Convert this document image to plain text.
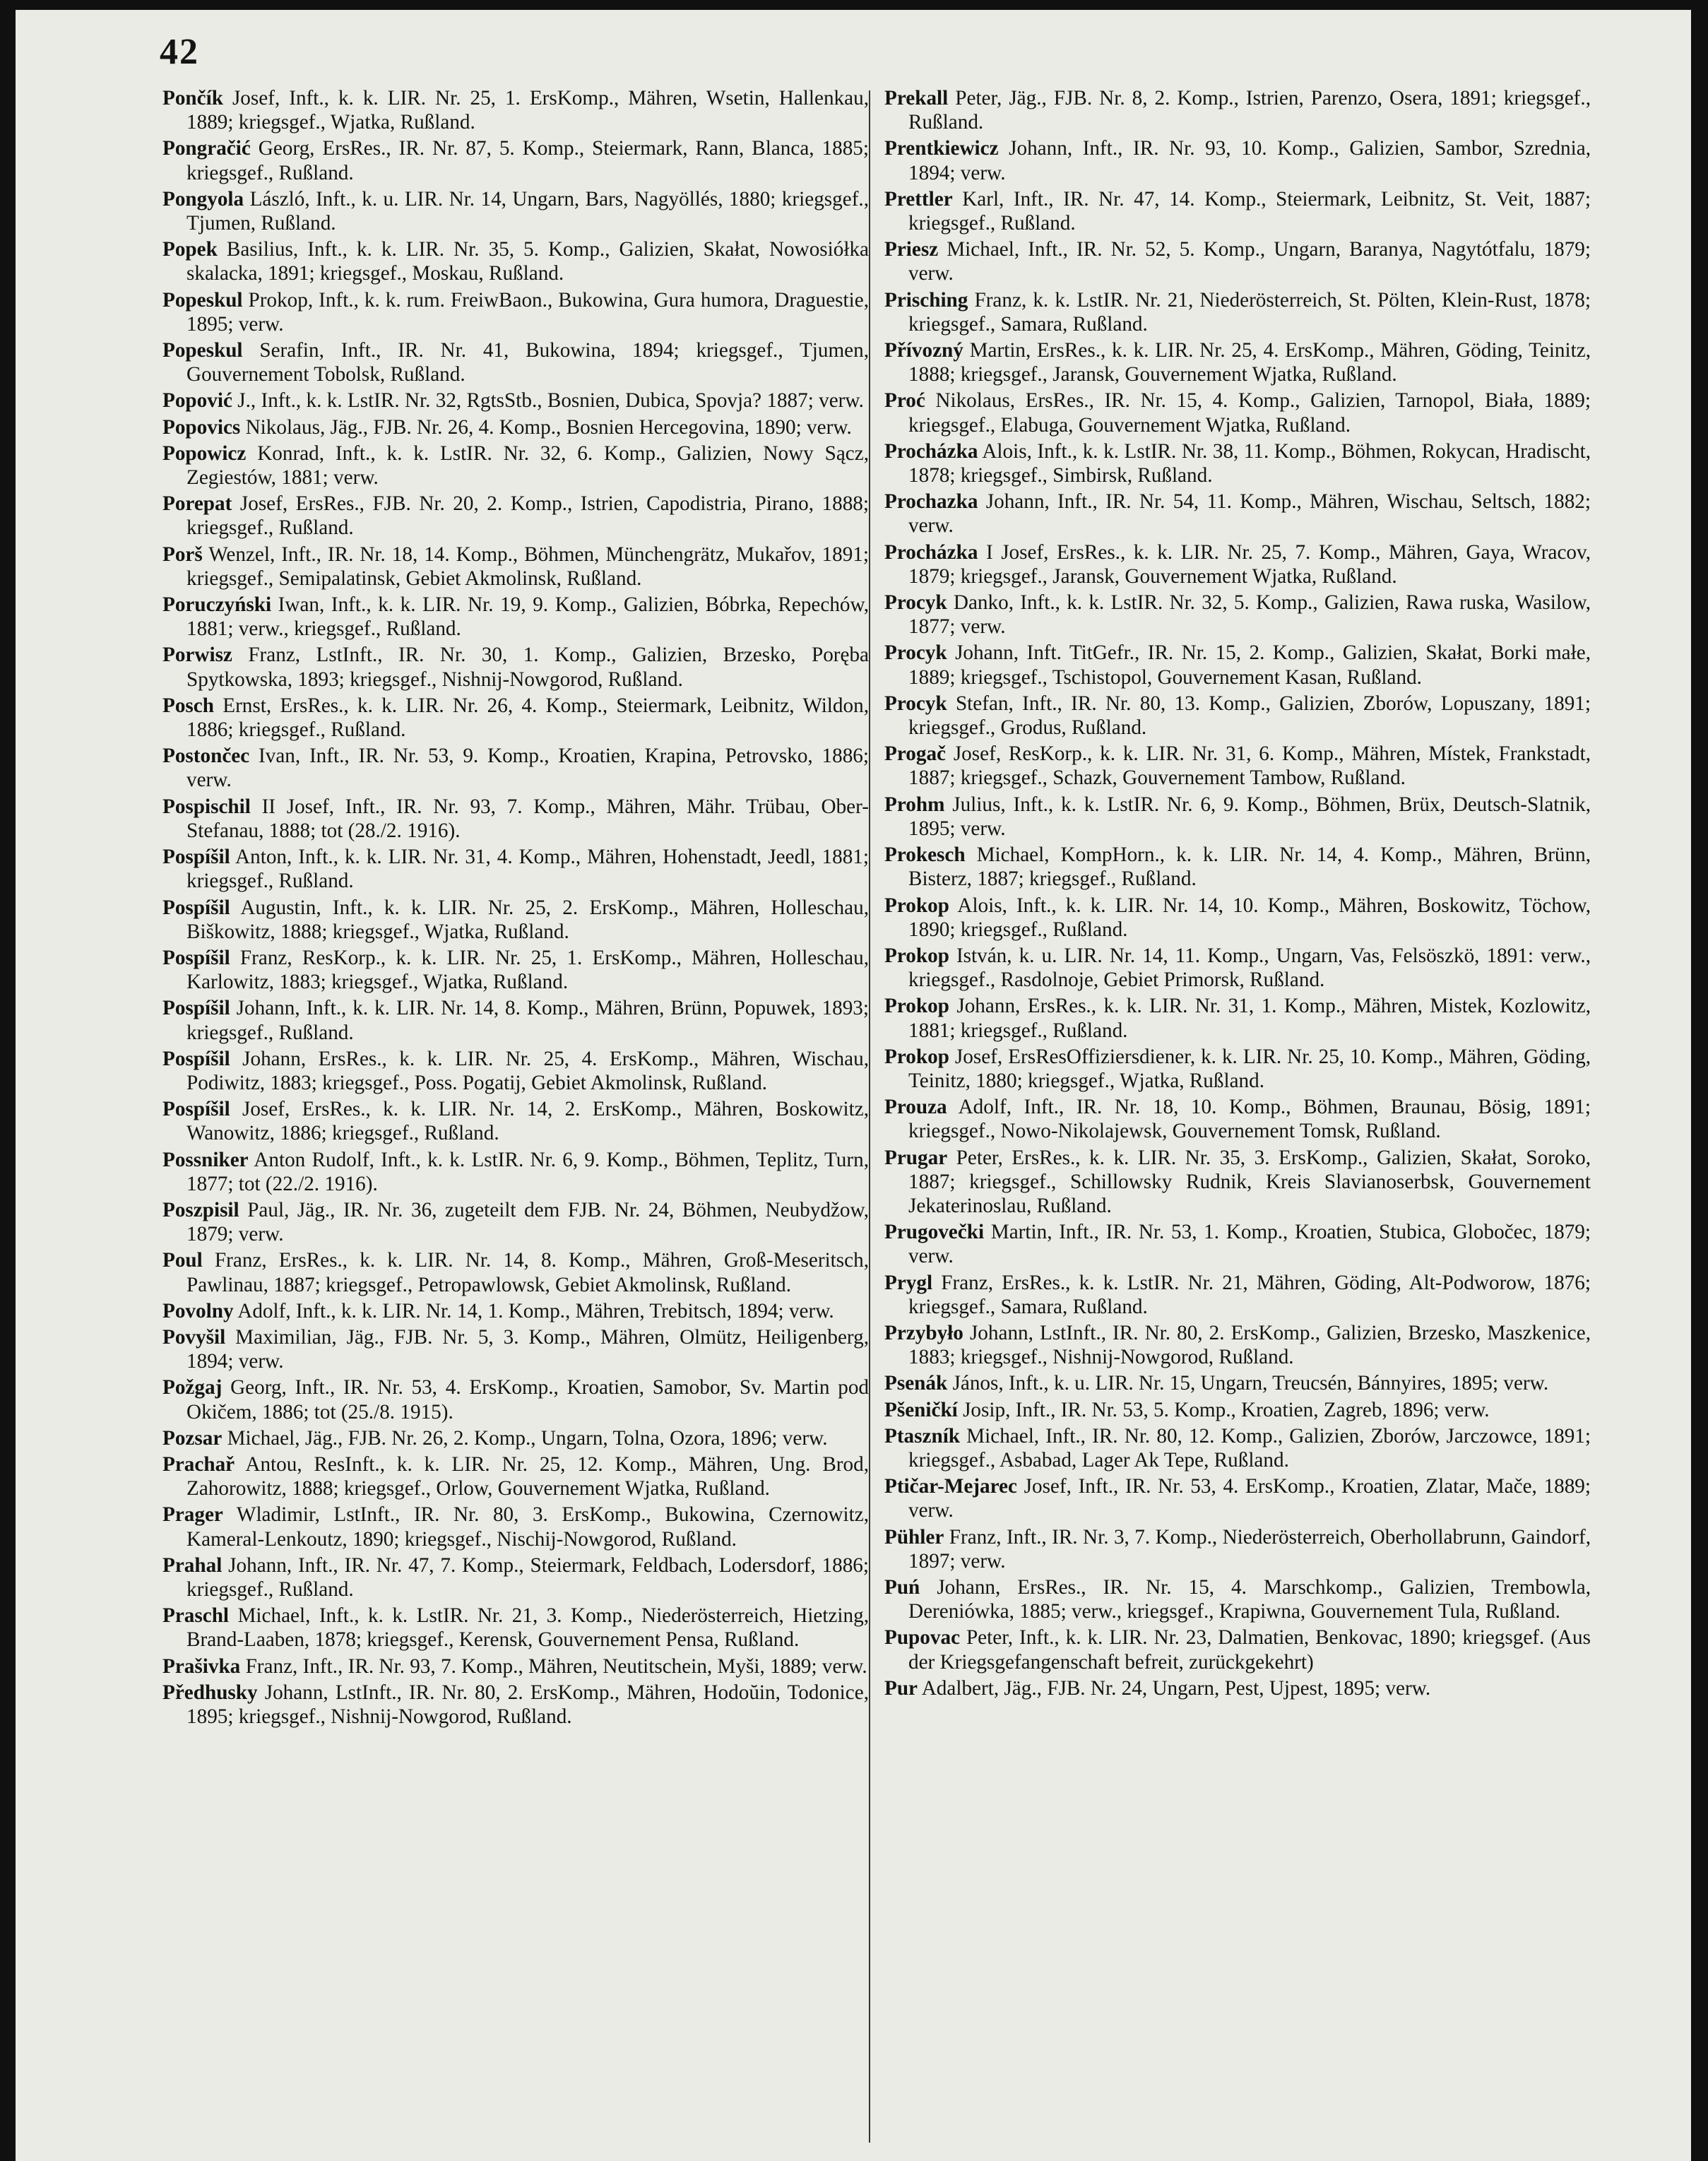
42

Pončík Josef, Inft., k. k. LIR. Nr. 25, 1. ErsKomp., Mähren, Wsetin, Hallenkau, 1889; kriegsgef., Wjatka, Rußland.

Pongračić Georg, ErsRes., IR. Nr. 87, 5. Komp., Steiermark, Rann, Blanca, 1885; kriegsgef., Rußland.

Pongyola László, Inft., k. u. LIR. Nr. 14, Ungarn, Bars, Nagyöllés, 1880; kriegsgef., Tjumen, Rußland.

Popek Basilius, Inft., k. k. LIR. Nr. 35, 5. Komp., Galizien, Skałat, Nowosiółka skalacka, 1891; kriegsgef., Moskau, Rußland.

Popeskul Prokop, Inft., k. k. rum. FreiwBaon., Bukowina, Gura humora, Draguestie, 1895; verw.

Popeskul Serafin, Inft., IR. Nr. 41, Bukowina, 1894; kriegsgef., Tjumen, Gouvernement Tobolsk, Rußland.

Popović J., Inft., k. k. LstIR. Nr. 32, RgtsStb., Bosnien, Dubica, Spovja? 1887; verw.

Popovics Nikolaus, Jäg., FJB. Nr. 26, 4. Komp., Bosnien Hercegovina, 1890; verw.

Popowicz Konrad, Inft., k. k. LstIR. Nr. 32, 6. Komp., Galizien, Nowy Sącz, Zegiestów, 1881; verw.

Porepat Josef, ErsRes., FJB. Nr. 20, 2. Komp., Istrien, Capodistria, Pirano, 1888; kriegsgef., Rußland.

Porš Wenzel, Inft., IR. Nr. 18, 14. Komp., Böhmen, Münchengrätz, Mukařov, 1891; kriegsgef., Semipalatinsk, Gebiet Akmolinsk, Rußland.

Poruczyński Iwan, Inft., k. k. LIR. Nr. 19, 9. Komp., Galizien, Bóbrka, Repechów, 1881; verw., kriegsgef., Rußland.

Porwisz Franz, LstInft., IR. Nr. 30, 1. Komp., Galizien, Brzesko, Poręba Spytkowska, 1893; kriegsgef., Nishnij-Nowgorod, Rußland.

Posch Ernst, ErsRes., k. k. LIR. Nr. 26, 4. Komp., Steiermark, Leibnitz, Wildon, 1886; kriegsgef., Rußland.

Postončec Ivan, Inft., IR. Nr. 53, 9. Komp., Kroatien, Krapina, Petrovsko, 1886; verw.

Pospischil II Josef, Inft., IR. Nr. 93, 7. Komp., Mähren, Mähr. Trübau, Ober-Stefanau, 1888; tot (28./2. 1916).

Pospíšil Anton, Inft., k. k. LIR. Nr. 31, 4. Komp., Mähren, Hohenstadt, Jeedl, 1881; kriegsgef., Rußland.

Pospíšil Augustin, Inft., k. k. LIR. Nr. 25, 2. ErsKomp., Mähren, Holleschau, Biškowitz, 1888; kriegsgef., Wjatka, Rußland.

Pospíšil Franz, ResKorp., k. k. LIR. Nr. 25, 1. ErsKomp., Mähren, Holleschau, Karlowitz, 1883; kriegsgef., Wjatka, Rußland.

Pospíšil Johann, Inft., k. k. LIR. Nr. 14, 8. Komp., Mähren, Brünn, Popuwek, 1893; kriegsgef., Rußland.

Pospíšil Johann, ErsRes., k. k. LIR. Nr. 25, 4. ErsKomp., Mähren, Wischau, Podiwitz, 1883; kriegsgef., Poss. Pogatij, Gebiet Akmolinsk, Rußland.

Pospíšil Josef, ErsRes., k. k. LIR. Nr. 14, 2. ErsKomp., Mähren, Boskowitz, Wanowitz, 1886; kriegsgef., Rußland.

Possniker Anton Rudolf, Inft., k. k. LstIR. Nr. 6, 9. Komp., Böhmen, Teplitz, Turn, 1877; tot (22./2. 1916).

Poszpisil Paul, Jäg., IR. Nr. 36, zugeteilt dem FJB. Nr. 24, Böhmen, Neubydžow, 1879; verw.

Poul Franz, ErsRes., k. k. LIR. Nr. 14, 8. Komp., Mähren, Groß-Meseritsch, Pawlinau, 1887; kriegsgef., Petropawlowsk, Gebiet Akmolinsk, Rußland.

Povolny Adolf, Inft., k. k. LIR. Nr. 14, 1. Komp., Mähren, Trebitsch, 1894; verw.

Povyšil Maximilian, Jäg., FJB. Nr. 5, 3. Komp., Mähren, Olmütz, Heiligenberg, 1894; verw.

Požgaj Georg, Inft., IR. Nr. 53, 4. ErsKomp., Kroatien, Samobor, Sv. Martin pod Okičem, 1886; tot (25./8. 1915).

Pozsar Michael, Jäg., FJB. Nr. 26, 2. Komp., Ungarn, Tolna, Ozora, 1896; verw.

Prachař Antou, ResInft., k. k. LIR. Nr. 25, 12. Komp., Mähren, Ung. Brod, Zahorowitz, 1888; kriegsgef., Orlow, Gouvernement Wjatka, Rußland.

Prager Wladimir, LstInft., IR. Nr. 80, 3. ErsKomp., Bukowina, Czernowitz, Kameral-Lenkoutz, 1890; kriegsgef., Nischij-Nowgorod, Rußland.

Prahal Johann, Inft., IR. Nr. 47, 7. Komp., Steiermark, Feldbach, Lodersdorf, 1886; kriegsgef., Rußland.

Praschl Michael, Inft., k. k. LstIR. Nr. 21, 3. Komp., Niederösterreich, Hietzing, Brand-Laaben, 1878; kriegsgef., Kerensk, Gouvernement Pensa, Rußland.

Prašivka Franz, Inft., IR. Nr. 93, 7. Komp., Mähren, Neutitschein, Myši, 1889; verw.

Předhusky Johann, LstInft., IR. Nr. 80, 2. ErsKomp., Mähren, Hodoŭin, Todonice, 1895; kriegsgef., Nishnij-Nowgorod, Rußland.

Prekall Peter, Jäg., FJB. Nr. 8, 2. Komp., Istrien, Parenzo, Osera, 1891; kriegsgef., Rußland.

Prentkiewicz Johann, Inft., IR. Nr. 93, 10. Komp., Galizien, Sambor, Szrednia, 1894; verw.

Prettler Karl, Inft., IR. Nr. 47, 14. Komp., Steiermark, Leibnitz, St. Veit, 1887; kriegsgef., Rußland.

Priesz Michael, Inft., IR. Nr. 52, 5. Komp., Ungarn, Baranya, Nagytótfalu, 1879; verw.

Prisching Franz, k. k. LstIR. Nr. 21, Niederösterreich, St. Pölten, Klein-Rust, 1878; kriegsgef., Samara, Rußland.

Přívozný Martin, ErsRes., k. k. LIR. Nr. 25, 4. ErsKomp., Mähren, Göding, Teinitz, 1888; kriegsgef., Jaransk, Gouvernement Wjatka, Rußland.

Proć Nikolaus, ErsRes., IR. Nr. 15, 4. Komp., Galizien, Tarnopol, Biała, 1889; kriegsgef., Elabuga, Gouvernement Wjatka, Rußland.

Procházka Alois, Inft., k. k. LstIR. Nr. 38, 11. Komp., Böhmen, Rokycan, Hradischt, 1878; kriegsgef., Simbirsk, Rußland.

Prochazka Johann, Inft., IR. Nr. 54, 11. Komp., Mähren, Wischau, Seltsch, 1882; verw.

Procházka I Josef, ErsRes., k. k. LIR. Nr. 25, 7. Komp., Mähren, Gaya, Wracov, 1879; kriegsgef., Jaransk, Gouvernement Wjatka, Rußland.

Procyk Danko, Inft., k. k. LstIR. Nr. 32, 5. Komp., Galizien, Rawa ruska, Wasilow, 1877; verw.

Procyk Johann, Inft. TitGefr., IR. Nr. 15, 2. Komp., Galizien, Skałat, Borki małe, 1889; kriegsgef., Tschistopol, Gouvernement Kasan, Rußland.

Procyk Stefan, Inft., IR. Nr. 80, 13. Komp., Galizien, Zborów, Lopuszany, 1891; kriegsgef., Grodus, Rußland.

Progač Josef, ResKorp., k. k. LIR. Nr. 31, 6. Komp., Mähren, Místek, Frankstadt, 1887; kriegsgef., Schazk, Gouvernement Tambow, Rußland.

Prohm Julius, Inft., k. k. LstIR. Nr. 6, 9. Komp., Böhmen, Brüx, Deutsch-Slatnik, 1895; verw.

Prokesch Michael, KompHorn., k. k. LIR. Nr. 14, 4. Komp., Mähren, Brünn, Bisterz, 1887; kriegsgef., Rußland.

Prokop Alois, Inft., k. k. LIR. Nr. 14, 10. Komp., Mähren, Boskowitz, Töchow, 1890; kriegsgef., Rußland.

Prokop István, k. u. LIR. Nr. 14, 11. Komp., Ungarn, Vas, Felsöszkö, 1891: verw., kriegsgef., Rasdolnoje, Gebiet Primorsk, Rußland.

Prokop Johann, ErsRes., k. k. LIR. Nr. 31, 1. Komp., Mähren, Mistek, Kozlowitz, 1881; kriegsgef., Rußland.

Prokop Josef, ErsResOffiziersdiener, k. k. LIR. Nr. 25, 10. Komp., Mähren, Göding, Teinitz, 1880; kriegsgef., Wjatka, Rußland.

Prouza Adolf, Inft., IR. Nr. 18, 10. Komp., Böhmen, Braunau, Bösig, 1891; kriegsgef., Nowo-Nikolajewsk, Gouvernement Tomsk, Rußland.

Prugar Peter, ErsRes., k. k. LIR. Nr. 35, 3. ErsKomp., Galizien, Skałat, Soroko, 1887; kriegsgef., Schillowsky Rudnik, Kreis Slavianoserbsk, Gouvernement Jekaterinoslau, Rußland.

Prugovečki Martin, Inft., IR. Nr. 53, 1. Komp., Kroatien, Stubica, Globočec, 1879; verw.

Prygl Franz, ErsRes., k. k. LstIR. Nr. 21, Mähren, Göding, Alt-Podworow, 1876; kriegsgef., Samara, Rußland.

Przybyło Johann, LstInft., IR. Nr. 80, 2. ErsKomp., Galizien, Brzesko, Maszkenice, 1883; kriegsgef., Nishnij-Nowgorod, Rußland.

Psenák János, Inft., k. u. LIR. Nr. 15, Ungarn, Treucsén, Bánnyires, 1895; verw.

Pšeničkí Josip, Inft., IR. Nr. 53, 5. Komp., Kroatien, Zagreb, 1896; verw.

Ptaszník Michael, Inft., IR. Nr. 80, 12. Komp., Galizien, Zborów, Jarczowce, 1891; kriegsgef., Asbabad, Lager Ak Tepe, Rußland.

Ptičar-Mejarec Josef, Inft., IR. Nr. 53, 4. ErsKomp., Kroatien, Zlatar, Mače, 1889; verw.

Pühler Franz, Inft., IR. Nr. 3, 7. Komp., Niederösterreich, Oberhollabrunn, Gaindorf, 1897; verw.

Puń Johann, ErsRes., IR. Nr. 15, 4. Marschkomp., Galizien, Trembowla, Dereniówka, 1885; verw., kriegsgef., Krapiwna, Gouvernement Tula, Rußland.

Pupovac Peter, Inft., k. k. LIR. Nr. 23, Dalmatien, Benkovac, 1890; kriegsgef. (Aus der Kriegsgefangenschaft befreit, zurückgekehrt)

Pur Adalbert, Jäg., FJB. Nr. 24, Ungarn, Pest, Ujpest, 1895; verw.
